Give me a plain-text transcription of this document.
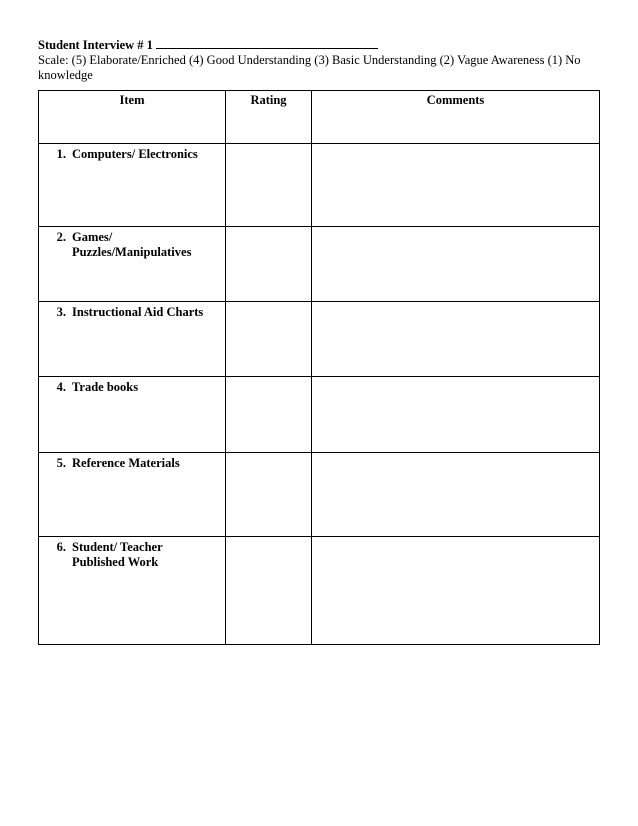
Student Interview # 1
Scale: (5) Elaborate/Enriched (4) Good Understanding (3) Basic Understanding (2) Vague Awareness (1) No knowledge
Item	Rating	Comments

1. Computers/ Electronics		

2. Games/ Puzzles/Manipulatives		

3. Instructional Aid Charts		

4. Trade books		

5. Reference Materials		

6. Student/ Teacher Published Work		
